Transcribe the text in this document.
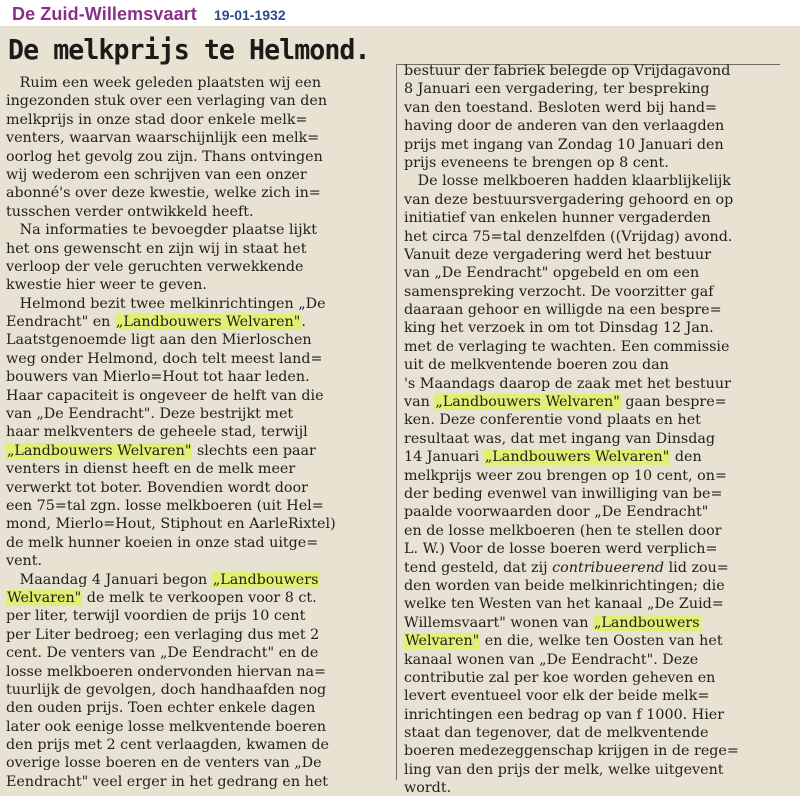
De Zuid-Willemsvaart 19-01-1932
De melkprijs te Helmond.
Ruim een week geleden plaatsten wij een
ingezonden stuk over een verlaging van den
melkprijs in onze stad door enkele melk=
venters, waarvan waarschijnlijk een melk=
oorlog het gevolg zou zijn. Thans ontvingen
wij wederom een schrijven van een onzer
abonné's over deze kwestie, welke zich in=
tusschen verder ontwikkeld heeft.
Na informaties te bevoegder plaatse lijkt
het ons gewenscht en zijn wij in staat het
verloop der vele geruchten verwekkende
kwestie hier weer te geven.
Helmond bezit twee melkinrichtingen „De
Eendracht" en „Landbouwers Welvaren".
Laatstgenoemde ligt aan den Mierloschen
weg onder Helmond, doch telt meest land=
bouwers van Mierlo=Hout tot haar leden.
Haar capaciteit is ongeveer de helft van die
van „De Eendracht". Deze bestrijkt met
haar melkventers de geheele stad, terwijl
„Landbouwers Welvaren" slechts een paar
venters in dienst heeft en de melk meer
verwerkt tot boter. Bovendien wordt door
een 75=tal zgn. losse melkboeren (uit Hel=
mond, Mierlo=Hout, Stiphout en AarleRixtel)
de melk hunner koeien in onze stad uitge=
vent.
Maandag 4 Januari begon „Landbouwers
Welvaren" de melk te verkoopen voor 8 ct.
per liter, terwijl voordien de prijs 10 cent
per Liter bedroeg; een verlaging dus met 2
cent. De venters van „De Eendracht" en de
losse melkboeren ondervonden hiervan na=
tuurlijk de gevolgen, doch handhaafden nog
den ouden prijs. Toen echter enkele dagen
later ook eenige losse melkventende boeren
den prijs met 2 cent verlaagden, kwamen de
overige losse boeren en de venters van „De
Eendracht" veel erger in het gedrang en het
bestuur der fabriek belegde op Vrijdagavond
8 Januari een vergadering, ter bespreking
van den toestand. Besloten werd bij hand=
having door de anderen van den verlaagden
prijs met ingang van Zondag 10 Januari den
prijs eveneens te brengen op 8 cent.
De losse melkboeren hadden klaarblijkelijk
van deze bestuursvergadering gehoord en op
initiatief van enkelen hunner vergaderden
het circa 75=tal denzelfden ((Vrijdag) avond.
Vanuit deze vergadering werd het bestuur
van „De Eendracht" opgebeld en om een
samenspreking verzocht. De voorzitter gaf
daaraan gehoor en willigde na een bespre=
king het verzoek in om tot Dinsdag 12 Jan.
met de verlaging te wachten. Een commissie
uit de melkventende boeren zou dan
's Maandags daarop de zaak met het bestuur
van „Landbouwers Welvaren" gaan bespre=
ken. Deze conferentie vond plaats en het
resultaat was, dat met ingang van Dinsdag
14 Januari „Landbouwers Welvaren" den
melkprijs weer zou brengen op 10 cent, on=
der beding evenwel van inwilliging van be=
paalde voorwaarden door „De Eendracht"
en de losse melkboeren (hen te stellen door
L. W.) Voor de losse boeren werd verplich=
tend gesteld, dat zij contribueerend lid zou=
den worden van beide melkinrichtingen; die
welke ten Westen van het kanaal „De Zuid=
Willemsvaart" wonen van „Landbouwers
Welvaren" en die, welke ten Oosten van het
kanaal wonen van „De Eendracht". Deze
contributie zal per koe worden geheven en
levert eventueel voor elk der beide melk=
inrichtingen een bedrag op van f 1000. Hier
staat dan tegenover, dat de melkventende
boeren medezeggenschap krijgen in de rege=
ling van den prijs der melk, welke uitgevent
wordt.
